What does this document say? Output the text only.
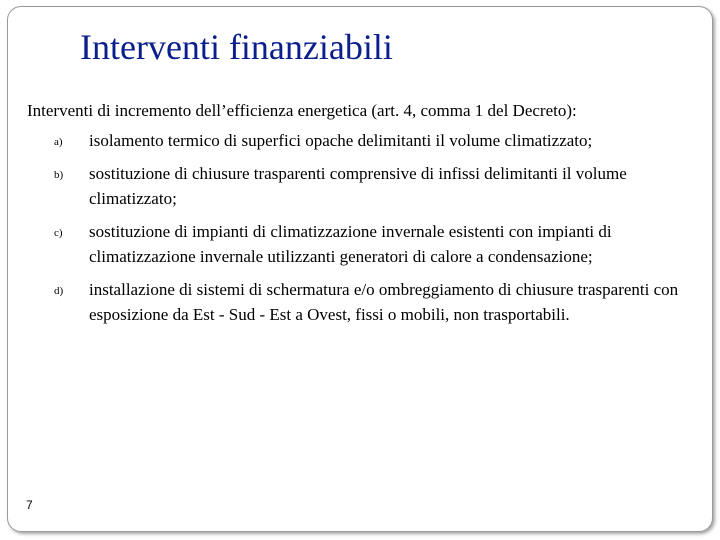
Interventi finanziabili

Interventi di incremento dell’efficienza energetica (art. 4, comma 1 del Decreto):

a) isolamento termico di superfici opache delimitanti il volume climatizzato;
b) sostituzione di chiusure trasparenti comprensive di infissi delimitanti il volume climatizzato;
c) sostituzione di impianti di climatizzazione invernale esistenti con impianti di climatizzazione invernale utilizzanti generatori di calore a condensazione;
d) installazione di sistemi di schermatura e/o ombreggiamento di chiusure trasparenti con esposizione da Est ‐ Sud ‐ Est a Ovest, fissi o mobili, non trasportabili.
7
